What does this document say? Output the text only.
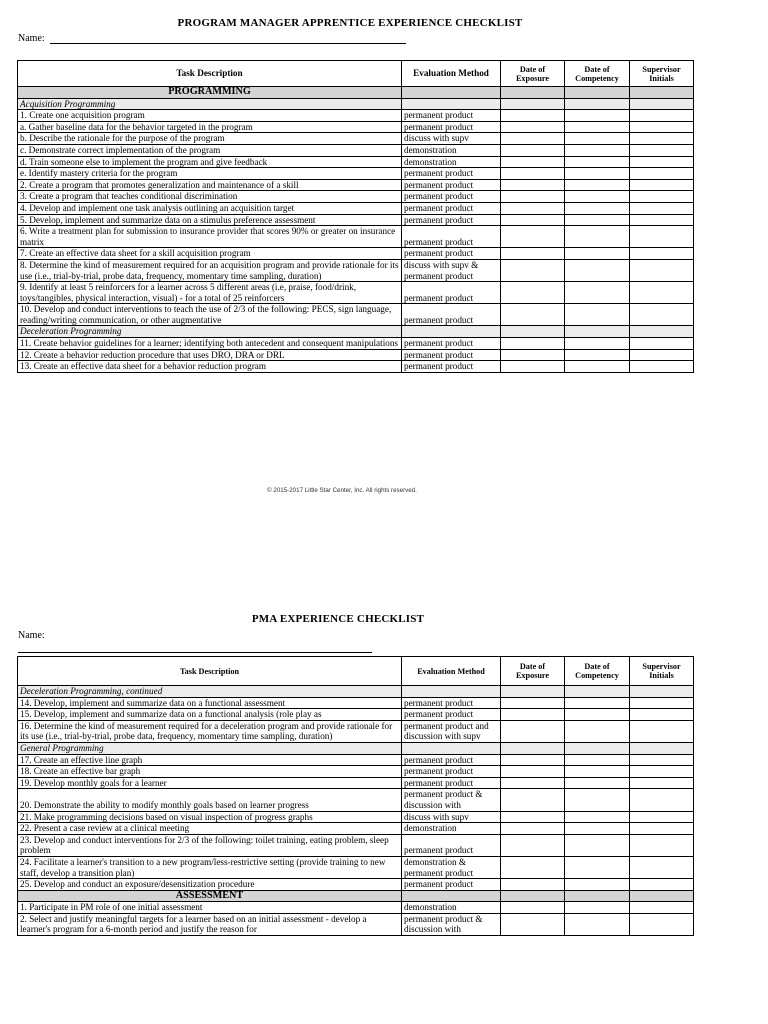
PROGRAM MANAGER APPRENTICE EXPERIENCE CHECKLIST
Name:
Task Description	Evaluation Method	Date of Exposure	Date of Competency	Supervisor Initials
PROGRAMMING				
Acquisition Programming				
1. Create one acquisition program	permanent product			
a. Gather baseline data for the behavior targeted in the program	permanent product			
b. Describe the rationale for the purpose of the program	discuss with supv			
c. Demonstrate correct implementation of the program	demonstration			
d. Train someone else to implement the program and give feedback	demonstration			
e. Identify mastery criteria for the program	permanent product			
2. Create a program that promotes generalization and maintenance of a skill	permanent product			
3. Create a program that teaches conditional discrimination	permanent product			
4. Develop and implement one task analysis outlining an acquisition target	permanent product			
5. Develop, implement and summarize data on a stimulus preference assessment	permanent product			
6. Write a treatment plan for submission to insurance provider that scores 90% or greater on insurance matrix	permanent product			
7. Create an effective data sheet for a skill acquisition program	permanent product			
8. Determine the kind of measurement required for an acquisition program and provide rationale for its use (i.e., trial-by-trial, probe data, frequency, momentary time sampling, duration)	discuss with supv & permanent product			
9. Identify at least 5 reinforcers for a learner across 5 different areas (i.e, praise, food/drink, toys/tangibles, physical interaction, visual) - for a total of 25 reinforcers	permanent product			
10. Develop and conduct interventions to teach the use of 2/3 of the following: PECS, sign language, reading/writing communication, or other augmentative	permanent product			
Deceleration Programming				
11. Create behavior guidelines for a learner; identifying both antecedent and consequent manipulations	permanent product			
12. Create a behavior reduction procedure that uses DRO, DRA or DRL	permanent product			
13. Create an effective data sheet for a behavior reduction program	permanent product			
© 2015-2017 Little Star Center, Inc. All rights reserved.
PMA EXPERIENCE CHECKLIST
Name:
Task Description	Evaluation Method	Date of Exposure	Date of Competency	Supervisor Initials
Deceleration Programming, continued				
14. Develop, implement and summarize data on a functional assessment	permanent product			
15. Develop, implement and summarize data on a functional analysis (role play as	permanent product			
16. Determine the kind of measurement required for a deceleration program and provide rationale for its use (i.e., trial-by-trial, probe data, frequency, momentary time sampling, duration)	permanent product and discussion with supv			
General Programming				
17. Create an effective line graph	permanent product			
18. Create an effective bar graph	permanent product			
19. Develop monthly goals for a learner	permanent product			
20. Demonstrate the ability to modify monthly goals based on learner progress	permanent product & discussion with			
21. Make programming decisions based on visual inspection of progress graphs	discuss with supv			
22. Present a case review at a clinical meeting	demonstration			
23. Develop and conduct interventions for 2/3 of the following: toilet training, eating problem, sleep problem	permanent product			
24. Facilitate a learner's transition to a new program/less-restrictive setting (provide training to new staff, develop a transition plan)	demonstration & permanent product			
25. Develop and conduct an exposure/desensitization procedure	permanent product			
ASSESSMENT				
1. Participate in PM role of one initial assessment	demonstration			
2. Select and justify meaningful targets for a learner based on an initial assessment - develop a learner's program for a 6-month period and justify the reason for	permanent product & discussion with			
